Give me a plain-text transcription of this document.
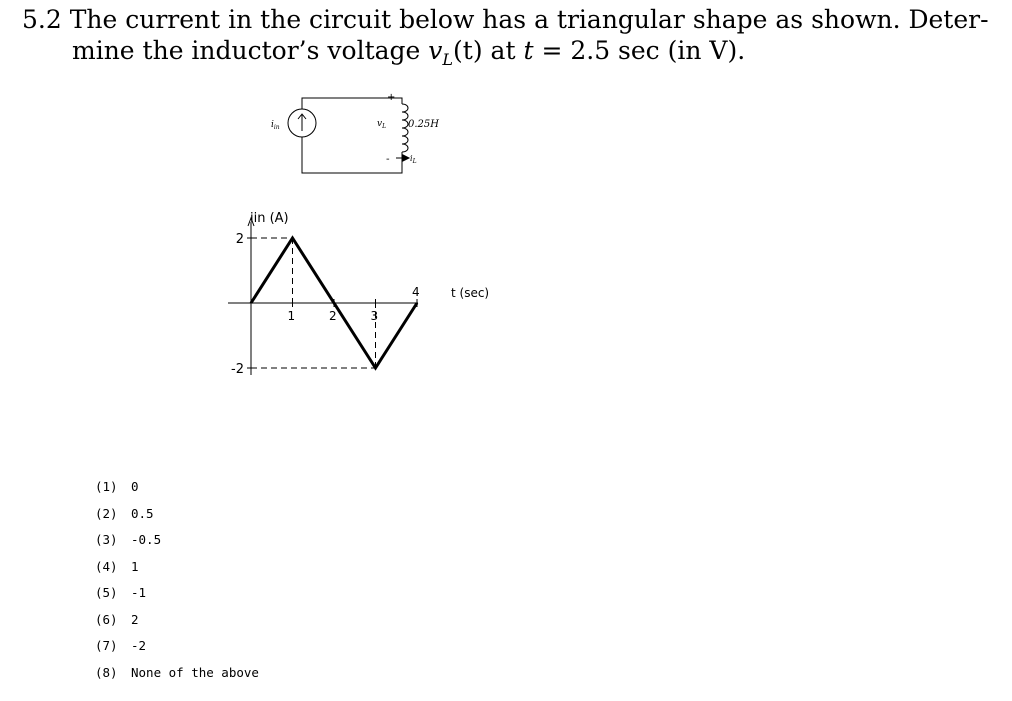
5.2 The current in the circuit below has a triangular shape as shown. Deter-
mine the inductor’s voltage $v_L(t)$ at t = 2.5 sec (in V).
$i_{in}$	$v_L$ 0.25H
$i_L$
+
-
iin (A)
t (sec)
2
-2
1	2	3
4
(1) 0
(2) 0.5
(3) -0.5
(4) 1
(5) -1
(6) 2
(7) -2
(8) None of the above
